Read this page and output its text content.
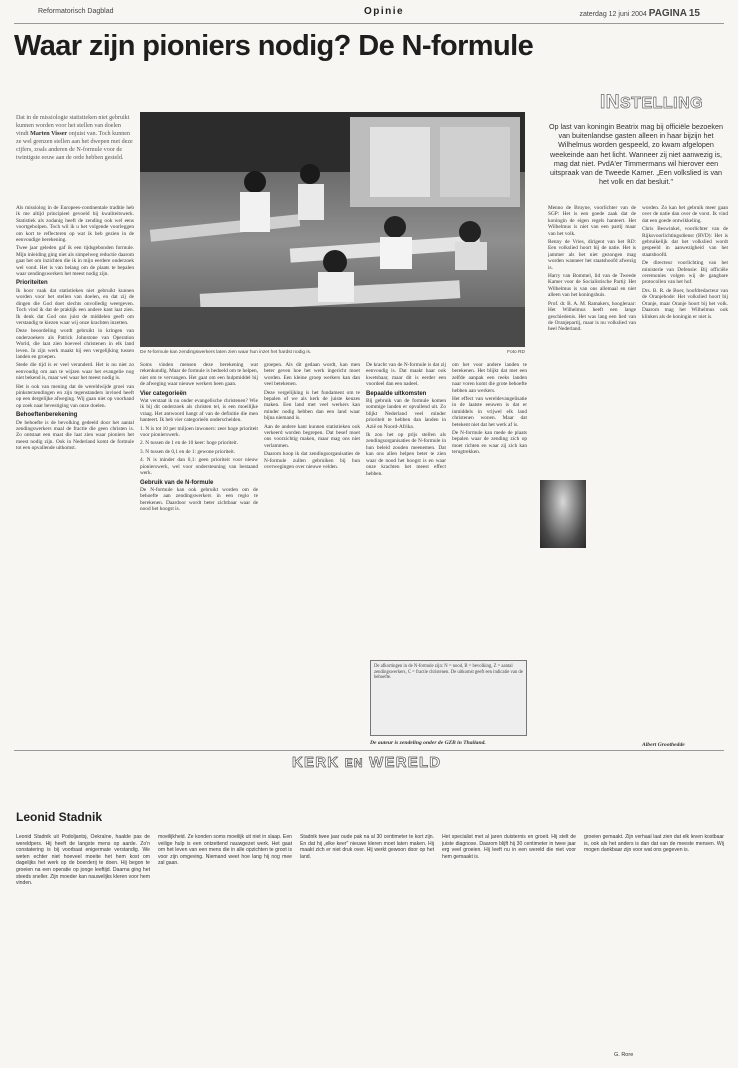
Reformatorisch Dagblad	Opinie	zaterdag 12 juni 2004 PAGINA 15
Waar zijn pioniers nodig? De N-formule
INSTELLING
Dat in de missiologie statistieken niet gebruikt kunnen worden voor het stellen van doelen vindt Marten Visser onjuist van. Toch kunnen ze wel grenzen stellen aan het dwepen met deze cijfers, zoals anderen de N-formule voor de twintigste eeuw aan de orde hebben gesteld.

Als missiolog in de Europees-continentale traditie heb ik me altijd principieel gevoeld bij kwaliteitswerk. Statistiek als zodanig heeft de zending ook wel eens voortgeholpen. Toch wil ik u het volgende voorleggen om kort te reflecteren op wat ik heb gezien in de eenvoudige berekening.

Twee jaar geleden gaf ik een tijdsgebonden formule. Mijn inleiding ging niet als simpelweg reductie daarom gaat het om inzichten die ik in mijn eerdere onderzoek wel vond. Het is van belang om de plaats te bepalen waar zendingswerkers het meest nodig zijn.

Prioriteiten

Ik hoor vaak dat statistieken niet gebruikt kunnen worden voor het stellen van doelen, en dat zij de dingen die God doet slechts onvolledig weergeven. Toch vind ik dat de praktijk een andere kant laat zien. Ik denk dat God ons juist de middelen geeft om verstandig te kiezen waar wij onze krachten inzetten.

Deze beoordeling wordt gebruikt in kringen van onderzoekers als Patrick Johnstone van Operation World, die laat zien hoeveel christenen in elk land leven. In zijn werk maakt hij een vergelijking tussen landen en groepen.

Stede die tijd is er veel veranderd. Het is nu niet zo eenvoudig om aan te wijzen waar het evangelie nog niet bekend is, maar wel waar het meest nodig is.

Het is ook van mening dat de wereldwijde groei van pinksterzendingen en zijn tegenstanders invloed heeft op een dergelijke afweging. Wij gaan niet op voorhand op zoek naar bevestiging van onze doelen.

Behoeftenberekening

De behoefte is de bevolking gedeeld door het aantal zendingswerkers maal de fractie die geen christen is. Zo ontstaat een maat die laat zien waar pioniers het meest nodig zijn. Ook in Nederland komt de formule tot een opvallende uitkomst.

Soms vinden mensen deze berekening wat rekenkundig. Maar de formule is bedoeld om te helpen, niet om te vervangen. Het gaat om een hulpmiddel bij de afweging waar nieuwe werkers heen gaan.

Vier categorieën

Wat verstaat ik nu onder evangelische christenen? Wie ik bij dit onderzoek als christen tel, is een moeilijke vraag. Het antwoord hangt af van de definitie die men hanteert. Ik heb vier categorieën onderscheiden.

1. N is tot 10 per miljoen inwoners: zeer hoge prioriteit voor pionierswerk.

2. N tussen de 1 en de 10 keer: hoge prioriteit.

3. N tussen de 0,1 en de 1: gewone prioriteit.

4. N is minder dan 0,1: geen prioriteit voor nieuw pionierswerk, wel voor ondersteuning van bestaand werk.

Gebruik van de N-formule

De N-formule kan ook gebruikt worden om de behoefte aan zendingswerkers in een regio te berekenen. Daardoor wordt beter zichtbaar waar de nood het hoogst is.

groepen. Als dit gedaan wordt, kan men beter geven hoe het werk ingericht moet worden. Een kleine groep werkers kan dan veel betekenen.

Deze vergelijking is het fundament om te bepalen of we als kerk de juiste keuzes maken. Een land met veel werkers kan minder nodig hebben dan een land waar bijna niemand is.

Aan de andere kant kunnen statistieken ook verkeerd worden begrepen. Dat besef moet ons voorzichtig maken, maar mag ons niet verlammen.

Daarom hoop ik dat zendingsorganisaties de N-formule zullen gebruiken bij hun overwegingen over nieuwe velden.

De kracht van de N-formule is dat zij eenvoudig is. Dat maakt haar ook kwetsbaar, maar dit is eerder een voordeel dan een nadeel.

Bepaalde uitkomsten

Bij gebruik van de formule komen sommige landen er opvallend uit. Zo blijkt Nederland veel minder prioriteit te hebben dan landen in Azië en Noord-Afrika.

Ik zou het op prijs stellen als zendingsorganisaties de N-formule in hun beleid zouden meenemen. Dat kan ons allen helpen beter te zien waar de nood het hoogst is en waar onze krachten het meest effect hebben.

om het voor andere landen te berekenen. Het blijkt dat met een zelfde aanpak een reeks landen naar voren komt die grote behoefte hebben aan werkers.

Het effect van wereldevangelisatie in de laatste eeuwen is dat er inmiddels in vrijwel elk land christenen wonen. Maar dat betekent niet dat het werk af is.

De N-formule kan mede de plaats bepalen waar de zending zich op moet richten en waar zij zich kan terugtrekken.

De N-formule kan zendingswerkers laten zien waar hun inzet het hardst nodig is.	Foto RD
Op last van koningin Beatrix mag bij officiële bezoeken van buitenlandse gasten alleen in haar bijzijn het Wilhelmus worden gespeeld, zo kwam afgelopen weekeinde aan het licht. Wanneer zij niet aanwezig is, mag dat niet. PvdA'er Timmermans wil hierover een uitspraak van de Tweede Kamer. „Een volkslied is van het volk en dat besluit."
De afkortingen in de N-formule zijn: N = nood, B = bevolking, Z = aantal zendingswerkers, C = fractie christenen. De uitkomst geeft een indicatie van de behoefte.
De auteur is zendeling onder de GZB in Thailand.

Menno de Bruyne, voorlichter van de SGP: Het is een goede zaak dat de koningin de eigen regels hanteert. Het Wilhelmus is niet van een partij maar van het volk.

Renny de Vries, dirigent van het RD: Een volkslied hoort bij de natie. Het is jammer als het niet gezongen mag worden wanneer het staatshoofd afwezig is.

Harry van Bommel, lid van de Tweede Kamer voor de Socialistische Partij: Het Wilhelmus is van ons allemaal en niet alleen van het koningshuis.

Prof. dr. B. A. M. Ramakers, hoogleraar: Het Wilhelmus heeft een lange geschiedenis. Het was lang een lied van de Oranjepartij, maar is nu volkslied van heel Nederland.

worden. Zo kan het gebruik meer gaan over de natie dan over de vorst. Ik vind dat een goede ontwikkeling.

Chris Beswinkel, voorlichter van de Rijksvoorlichtingsdienst (RVD): Het is gebruikelijk dat het volkslied wordt gespeeld in aanwezigheid van het staatshoofd.

De directeur voorlichting van het ministerie van Defensie: Bij officiële ceremonies volgen wij de gangbare protocollen van het hof.

Drs. B. R. de Boer, hoofdredacteur van de Oranjebode: Het volkslied hoort bij Oranje, maar Oranje hoort bij het volk. Daarom mag het Wilhelmus ook klinken als de koningin er niet is.

Albert Groothedde
KERK EN WERELD
Leonid Stadnik
Leonid Stadnik uit Podoljantsj, Oekraïne, haalde pas de wereldpers. Hij heeft de langste mens op aarde. Zo'n constatering is bij voorbaat enigermate verstandig. We weten echter niet hoeveel moeite het hem kost om dagelijks het werk op de boerderij te doen. Hij begon te groeien na een operatie op jonge leeftijd. Daarna ging het steeds sneller. Zijn moeder kan nauwelijks kleren voor hem vinden.
moeilijkheid. Ze konden soms moeilijk uit niet in slaap. Een veilige hulp is een ontzettend nauwgezet werk. Het gaat om het leven van een mens die in alle opzichten te groot is voor zijn omgeving. Niemand weet hoe lang hij nog mee zal gaan.
Stadnik twee jaar oude pak na al 30 centimeter te kort zijn. En dat hij „elke keer" nieuwe kleren moet laten maken. Hij maakt zich er niet druk over. Hij werkt gewoon door op het land.
Het specialist met al jaren duisternis en groeit. Hij stelt de juiste diagnose. Daarom blijft hij 30 centimeter in twee jaar erg veel groeien. Hij leeft nu in een wereld die niet voor hem gemaakt is.
groeien gemaakt. Zijn verhaal laat zien dat elk leven kostbaar is, ook als het anders is dan dat van de meeste mensen. Wij mogen dankbaar zijn voor wat ons gegeven is.
G. Rore
